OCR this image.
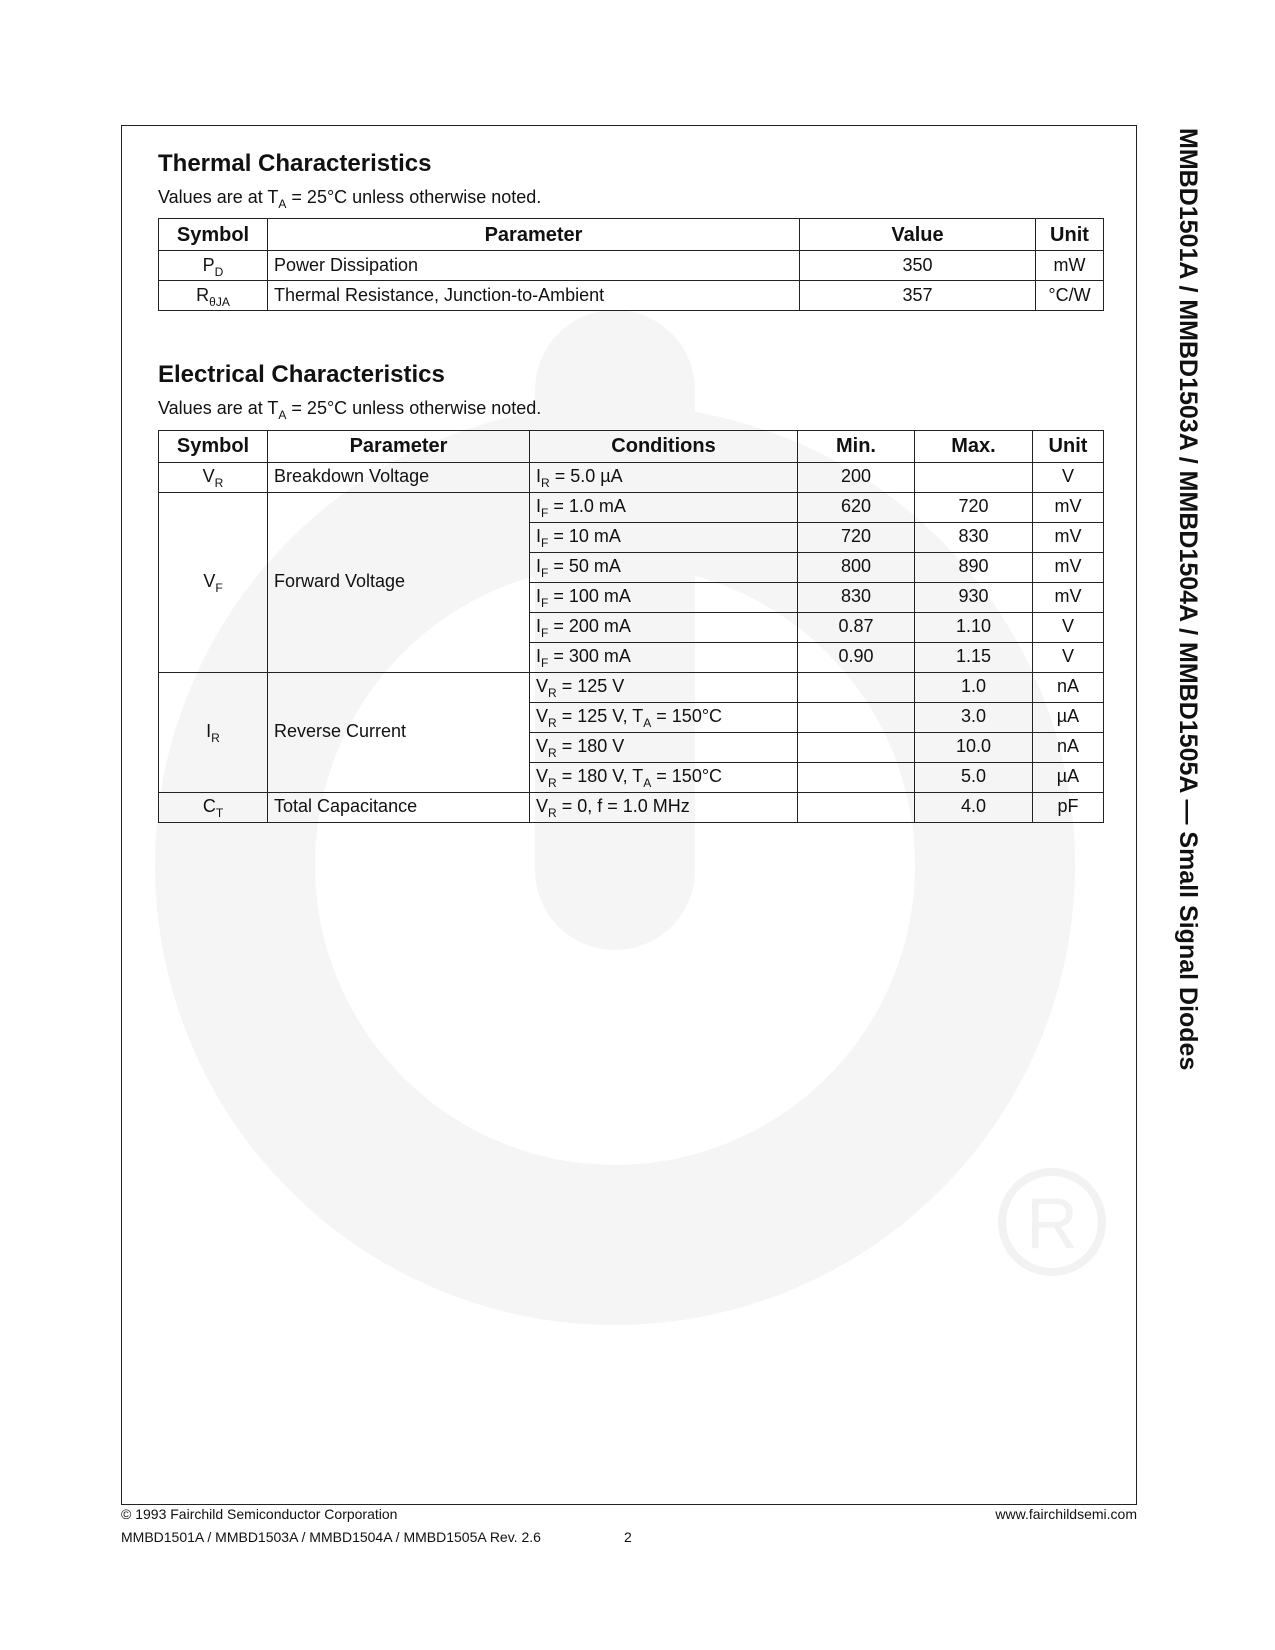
R
MMBD1501A / MMBD1503A / MMBD1504A / MMBD1505A — Small Signal Diodes
Thermal Characteristics
Values are at $T_A = 25^\circ C$ unless otherwise noted.
Symbol	Parameter	Value	Unit
$P_D$	Power Dissipation	350	mW
$R_{\theta JA}$	Thermal Resistance, Junction-to-Ambient	357	°C/W
Electrical Characteristics
Values are at $T_A = 25^\circ C$ unless otherwise noted.
Symbol	Parameter	Conditions	Min.	Max.	Unit
$V_R$	Breakdown Voltage	$I_R = 5.0$ µA	200		V
$V_F$	Forward Voltage	$I_F = 1.0$ mA	620	720	mV
		$I_F = 10$ mA	720	830	mV
		$I_F = 50$ mA	800	890	mV
		$I_F = 100$ mA	830	930	mV
		$I_F = 200$ mA	0.87	1.10	V
		$I_F = 300$ mA	0.90	1.15	V
$I_R$	Reverse Current	$V_R = 125$ V		1.0	nA
		$V_R = 125$ V, $T_A = 150^\circ C$		3.0	µA
		$V_R = 180$ V		10.0	nA
		$V_R = 180$ V, $T_A = 150^\circ C$		5.0	µA
$C_T$	Total Capacitance	$V_R = 0$, f = 1.0 MHz		4.0	pF
© 1993 Fairchild Semiconductor Corporation
MMBD1501A / MMBD1503A / MMBD1504A / MMBD1505A Rev. 2.6	2
www.fairchildsemi.com
